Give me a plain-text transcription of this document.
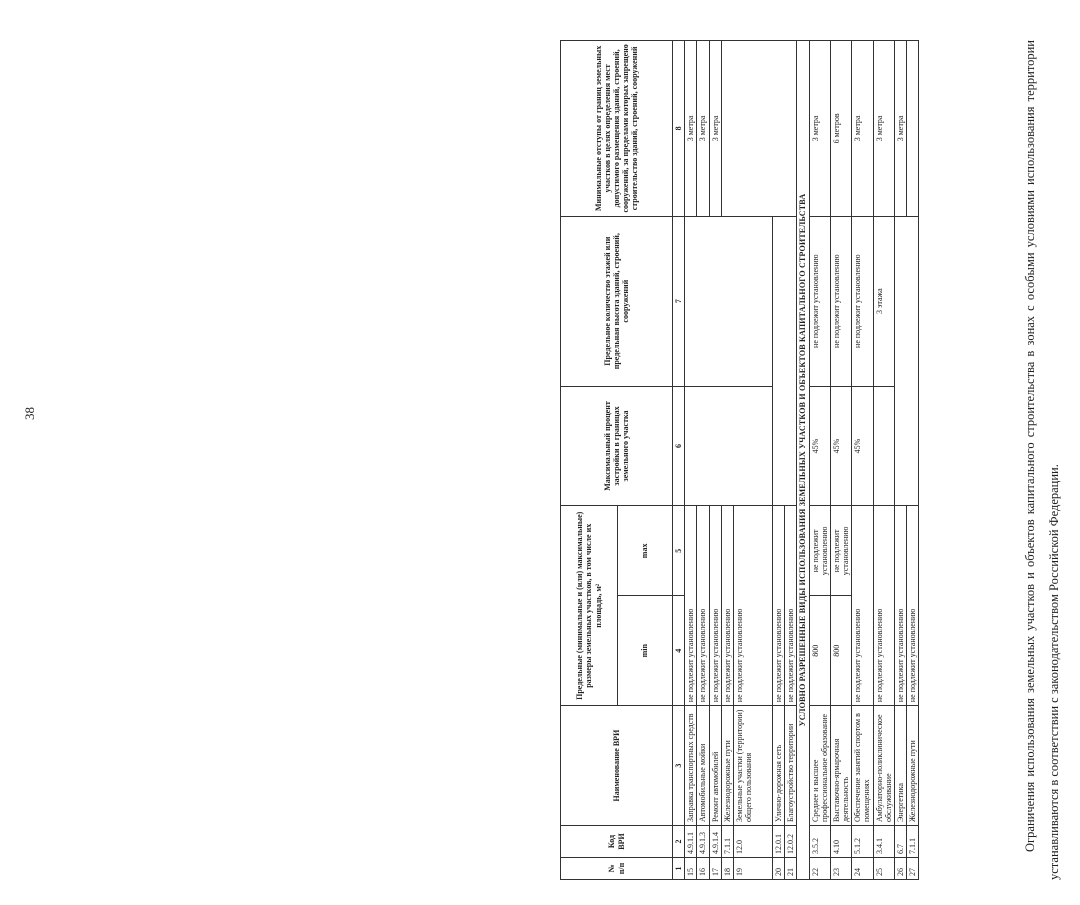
38
№ п/п	Код ВРИ	Наименование ВРИ	Предельные (минимальные и (или) максимальные) размеры земельных участков, в том числе их площадь, м²		Максимальный процент застройки в границах земельного участка	Предельное количество этажей или предельная высота зданий, строений, сооружений	Минимальные отступы от границ земельных участков в целях определения мест допустимого размещения зданий, строений, сооружений, за пределами которых запрещено строительство зданий, строений, сооружений
			min	max			
1	2	3	4	5	6	7	8
15	4.9.1.1	Заправка транспортных средств	не подлежит установлению				3 метра
16	4.9.1.3	Автомобильные мойки	не подлежит установлению				3 метра
17	4.9.1.4	Ремонт автомобилей	не подлежит установлению				3 метра
18	7.1.1	Железнодорожные пути	не подлежит установлению				
19	12.0	Земельные участки (территории) общего пользования	не подлежит установлению				
20	12.0.1	Улично-дорожная сеть	не подлежит установлению				
21	12.0.2	Благоустройство территории	не подлежит установлению				
УСЛОВНО РАЗРЕШЕННЫЕ ВИДЫ ИСПОЛЬЗОВАНИЯ ЗЕМЕЛЬНЫХ УЧАСТКОВ И ОБЪЕКТОВ КАПИТАЛЬНОГО СТРОИТЕЛЬСТВА							
22	3.5.2	Среднее и высшее профессиональное образование	800	не подлежит установлению	45%	не подлежит установлению	3 метра
23	4.10	Выставочно-ярмарочная деятельность	800	не подлежит установлению	45%	не подлежит установлению	6 метров
24	5.1.2	Обеспечение занятий спортом в помещениях	не подлежит установлению		45%	не подлежит установлению	3 метра
25	3.4.1	Амбулаторно-поликлиническое обслуживание	не подлежит установлению			3 этажа	3 метра
26	6.7	Энергетика	не подлежит установлению				3 метра
27	7.1.1	Железнодорожные пути	не подлежит установлению					Ограничения использования земельных участков и объектов капитального строительства в зонах с особыми условиями использования территории устанавливаются в соответствии с законодательством Российской Федерации.
